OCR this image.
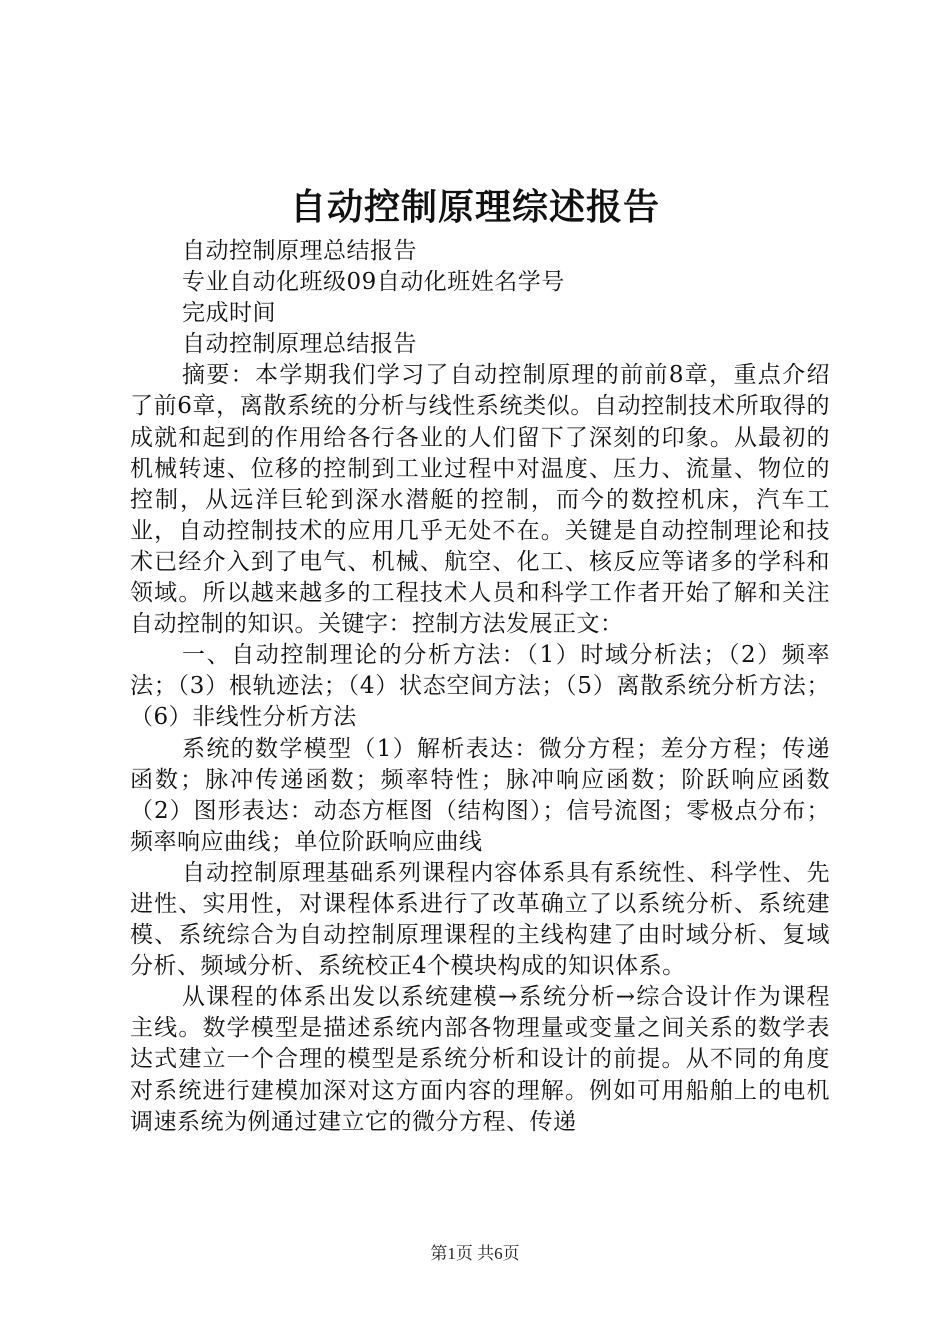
自动控制原理综述报告

自动控制原理总结报告

专业自动化班级09自动化班姓名学号

完成时间

自动控制原理总结报告

摘要：本学期我们学习了自动控制原理的前前8章，重点介绍了前6章，离散系统的分析与线性系统类似。自动控制技术所取得的成就和起到的作用给各行各业的人们留下了深刻的印象。从最初的机械转速、位移的控制到工业过程中对温度、压力、流量、物位的控制，从远洋巨轮到深水潜艇的控制，而今的数控机床，汽车工业，自动控制技术的应用几乎无处不在。关键是自动控制理论和技术已经介入到了电气、机械、航空、化工、核反应等诸多的学科和领域。所以越来越多的工程技术人员和科学工作者开始了解和关注自动控制的知识。关键字：控制方法发展正文：

一、自动控制理论的分析方法：（1）时域分析法；（2）频率法；（3）根轨迹法；（4）状态空间方法；（5）离散系统分析方法；（6）非线性分析方法

系统的数学模型（1）解析表达：微分方程；差分方程；传递函数；脉冲传递函数；频率特性；脉冲响应函数；阶跃响应函数（2）图形表达：动态方框图（结构图）；信号流图；零极点分布；频率响应曲线；单位阶跃响应曲线

自动控制原理基础系列课程内容体系具有系统性、科学性、先进性、实用性，对课程体系进行了改革确立了以系统分析、系统建模、系统综合为自动控制原理课程的主线构建了由时域分析、复域分析、频域分析、系统校正4个模块构成的知识体系。

从课程的体系出发以系统建模→系统分析→综合设计作为课程主线。数学模型是描述系统内部各物理量或变量之间关系的数学表达式建立一个合理的模型是系统分析和设计的前提。从不同的角度对系统进行建模加深对这方面内容的理解。例如可用船舶上的电机调速系统为例通过建立它的微分方程、传递

第1页 共6页
